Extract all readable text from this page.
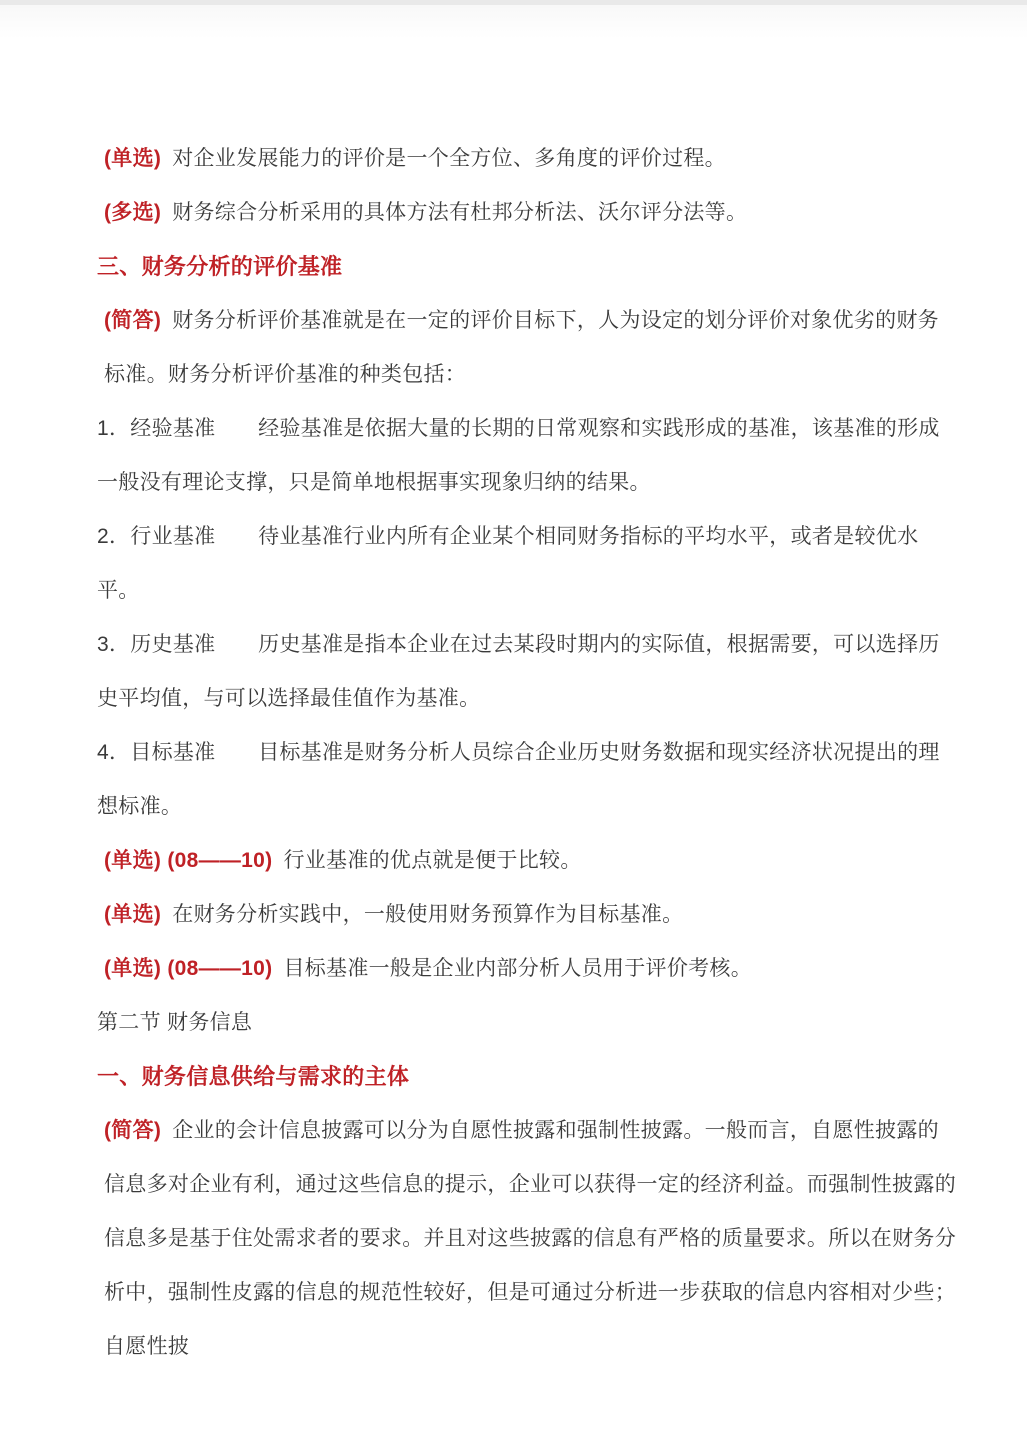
(单选) 对企业发展能力的评价是一个全方位、多角度的评价过程。

(多选) 财务综合分析采用的具体方法有杜邦分析法、沃尔评分法等。

三、财务分析的评价基准

(简答) 财务分析评价基准就是在一定的评价目标下，人为设定的划分评价对象优劣的财务标准。财务分析评价基准的种类包括：

1．经验基准　　经验基准是依据大量的长期的日常观察和实践形成的基准，该基准的形成一般没有理论支撑，只是简单地根据事实现象归纳的结果。

2．行业基准　　待业基准行业内所有企业某个相同财务指标的平均水平，或者是较优水平。

3．历史基准　　历史基准是指本企业在过去某段时期内的实际值，根据需要，可以选择历史平均值，与可以选择最佳值作为基准。

4．目标基准　　目标基准是财务分析人员综合企业历史财务数据和现实经济状况提出的理想标准。

(单选) (08——10) 行业基准的优点就是便于比较。

(单选) 在财务分析实践中，一般使用财务预算作为目标基准。

(单选) (08——10) 目标基准一般是企业内部分析人员用于评价考核。

第二节 财务信息

一、财务信息供给与需求的主体

(简答) 企业的会计信息披露可以分为自愿性披露和强制性披露。一般而言，自愿性披露的信息多对企业有利，通过这些信息的提示，企业可以获得一定的经济利益。而强制性披露的信息多是基于住处需求者的要求。并且对这些披露的信息有严格的质量要求。所以在财务分析中，强制性皮露的信息的规范性较好，但是可通过分析进一步获取的信息内容相对少些；自愿性披
